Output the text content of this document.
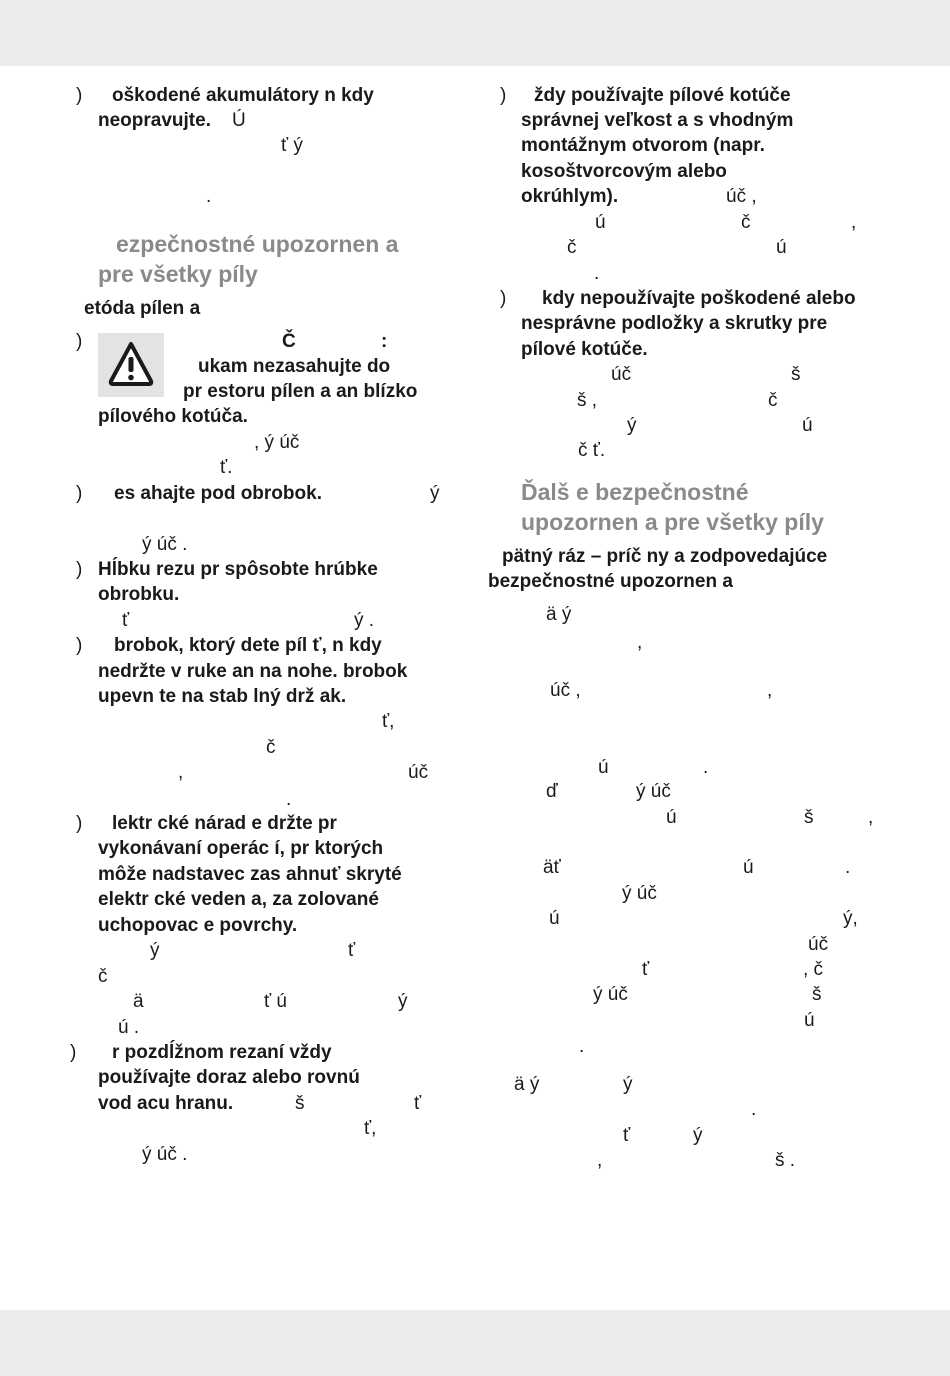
) oškodené akumulátory n kdy
neopravujte. Ú
ť ý
.
ezpečnostné upozornen a
pre všetky píly
etóda pílen a
)	Č	:
ukam nezasahujte do
pr estoru pílen a an blízko
pílového kotúča.
, ý úč
ť.
) es ahajte pod obrobok.	ý
ý úč .
) Hĺbku rezu pr spôsobte hrúbke
obrobku.
ť	ý .
) brobok, ktorý dete píl ť, n kdy
nedržte v ruke an na nohe. brobok
upevn te na stab lný drž ak.
ť,
č
,	úč
.
) lektr cké nárad e držte pr
vykonávaní operác í, pr ktorých
môže nadstavec zas ahnuť skryté
elektr cké veden a, za zolované
uchopovac e povrchy.
ý	ť
č
ä	ť ú	ý
ú .
) r pozdĺžnom rezaní vždy
používajte doraz alebo rovnú
vod acu hranu.	š	ť
ť,
ý úč .
) ždy používajte pílové kotúče
správnej veľkost a s vhodným
montážnym otvorom (napr.
kosoštvorcovým alebo
okrúhlym).	úč ,
ú	č	,
č	ú
.
) kdy nepoužívajte poškodené alebo
nesprávne podložky a skrutky pre
pílové kotúče.
úč	š
š ,	č
ý	ú
č ť.
Ďalš e bezpečnostné
upozornen a pre všetky píly
pätný ráz – príč ny a zodpovedajúce
bezpečnostné upozornen a
ä ý
,
úč ,	,
ú	.
ď	ý úč
ú	š	,
äť	ú	.
ý úč
ú	ý,
úč
ť	, č
ý úč	š
ú
.
ä ý	ý
.
ť	ý
,	š .
